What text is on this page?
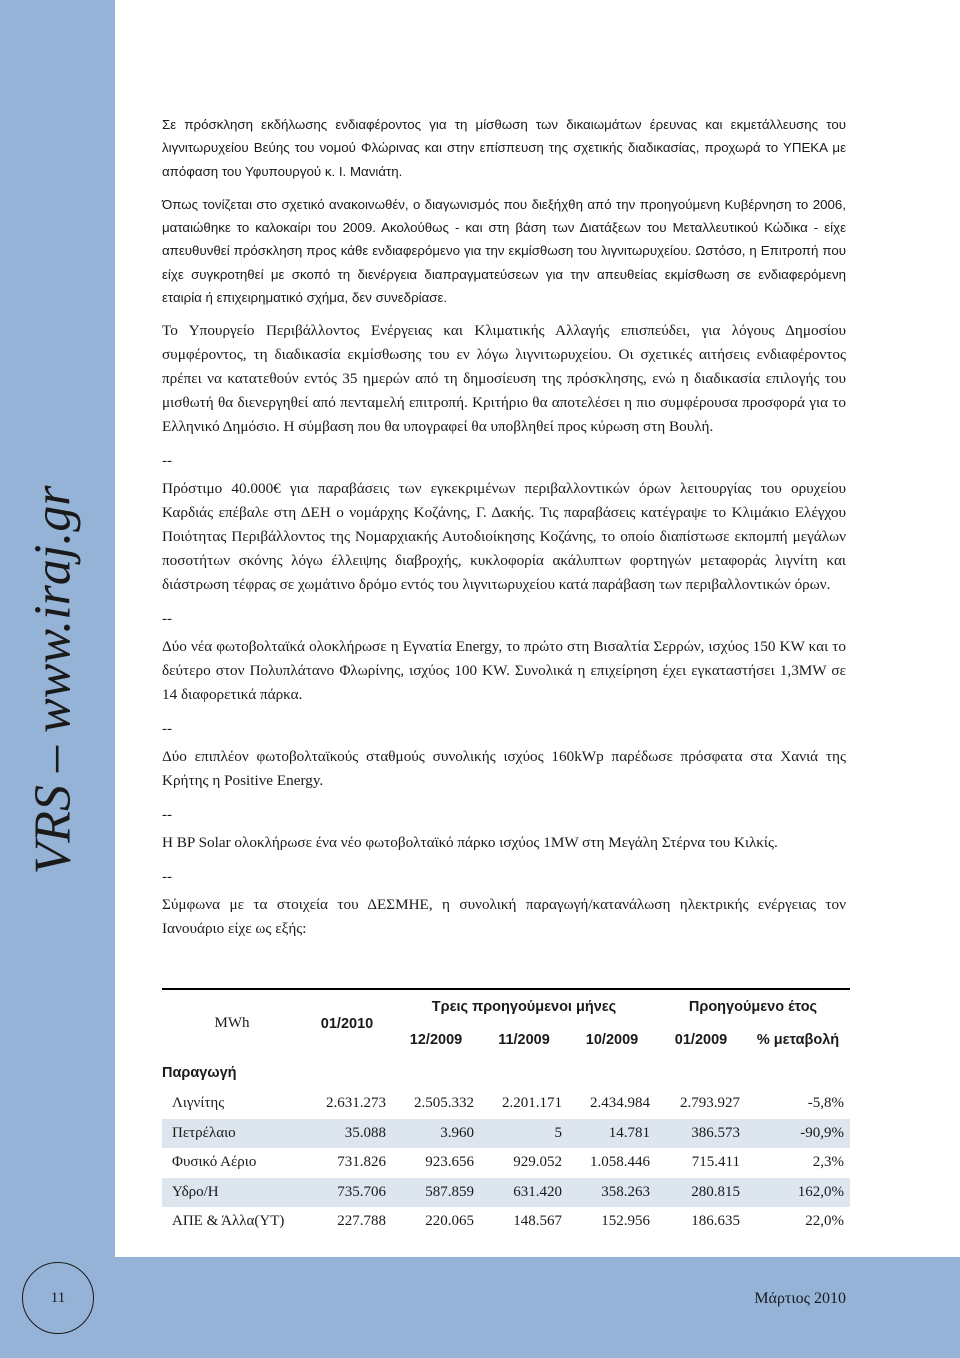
VRS – www.iraj.gr

Σε πρόσκληση εκδήλωσης ενδιαφέροντος για τη μίσθωση των δικαιωμάτων έρευνας και εκμετάλλευσης του λιγνιτωρυχείου Βεύης του νομού Φλώρινας και στην επίσπευση της σχετικής διαδικασίας, προχωρά το ΥΠΕΚΑ με απόφαση του Υφυπουργού κ. Ι. Μανιάτη.

Όπως τονίζεται στο σχετικό ανακοινωθέν, ο διαγωνισμός που διεξήχθη από την προηγούμενη Κυβέρνηση το 2006, ματαιώθηκε το καλοκαίρι του 2009. Ακολούθως - και στη βάση των Διατάξεων του Μεταλλευτικού Κώδικα - είχε απευθυνθεί πρόσκληση προς κάθε ενδιαφερόμενο για την εκμίσθωση του λιγνιτωρυχείου. Ωστόσο, η Επιτροπή που είχε συγκροτηθεί με σκοπό τη διενέργεια διαπραγματεύσεων για την απευθείας εκμίσθωση σε ενδιαφερόμενη εταιρία ή επιχειρηματικό σχήμα, δεν συνεδρίασε.

Το Υπουργείο Περιβάλλοντος Ενέργειας και Κλιματικής Αλλαγής επισπεύδει, για λόγους Δημοσίου συμφέροντος, τη διαδικασία εκμίσθωσης του εν λόγω λιγνιτωρυχείου. Οι σχετικές αιτήσεις ενδιαφέροντος πρέπει να κατατεθούν εντός 35 ημερών από τη δημοσίευση της πρόσκλησης, ενώ η διαδικασία επιλογής του μισθωτή θα διενεργηθεί από πενταμελή επιτροπή. Κριτήριο θα αποτελέσει η πιο συμφέρουσα προσφορά για το Ελληνικό Δημόσιο. Η σύμβαση που θα υπογραφεί θα υποβληθεί προς κύρωση στη Βουλή.

--

Πρόστιμο 40.000€ για παραβάσεις των εγκεκριμένων περιβαλλοντικών όρων λειτουργίας του ορυχείου Καρδιάς επέβαλε στη ΔΕΗ ο νομάρχης Κοζάνης, Γ. Δακής. Τις παραβάσεις κατέγραψε το Κλιμάκιο Ελέγχου Ποιότητας Περιβάλλοντος της Νομαρχιακής Αυτοδιοίκησης Κοζάνης, το οποίο διαπίστωσε εκπομπή μεγάλων ποσοτήτων σκόνης λόγω έλλειψης διαβροχής, κυκλοφορία ακάλυπτων φορτηγών μεταφοράς λιγνίτη και διάστρωση τέφρας σε χωμάτινο δρόμο εντός του λιγνιτωρυχείου κατά παράβαση των περιβαλλοντικών όρων.

--

Δύο νέα φωτοβολταϊκά ολοκλήρωσε η Εγνατία Energy, το πρώτο στη Βισαλτία Σερρών, ισχύος 150 KW και το δεύτερο στον Πολυπλάτανο Φλωρίνης, ισχύος 100 KW. Συνολικά η επιχείρηση έχει εγκαταστήσει 1,3MW σε 14 διαφορετικά πάρκα.

--

Δύο επιπλέον φωτοβολταϊκούς σταθμούς συνολικής ισχύος 160kWp παρέδωσε πρόσφατα στα Χανιά της Κρήτης η Positive Energy.

--

Η BP Solar ολοκλήρωσε ένα νέο φωτοβολταϊκό πάρκο ισχύος 1MW στη Μεγάλη Στέρνα του Κιλκίς.

--

Σύμφωνα με τα στοιχεία του ΔΕΣΜΗΕ, η συνολική παραγωγή/κατανάλωση ηλεκτρικής ενέργειας τον Ιανουάριο είχε ως εξής:

MWh	01/2010	Τρεις προηγούμενοι μήνες			Προηγούμενο έτος	
		12/2009	11/2009	10/2009	01/2009	% μεταβολή
Παραγωγή						
Λιγνίτης	2.631.273	2.505.332	2.201.171	2.434.984	2.793.927	-5,8%
Πετρέλαιο	35.088	3.960	5	14.781	386.573	-90,9%
Φυσικό Αέριο	731.826	923.656	929.052	1.058.446	715.411	2,3%
Υδρο/Η	735.706	587.859	631.420	358.263	280.815	162,0%
ΑΠΕ & Άλλα(ΥΤ)	227.788	220.065	148.567	152.956	186.635	22,0%
11	Μάρτιος 2010
